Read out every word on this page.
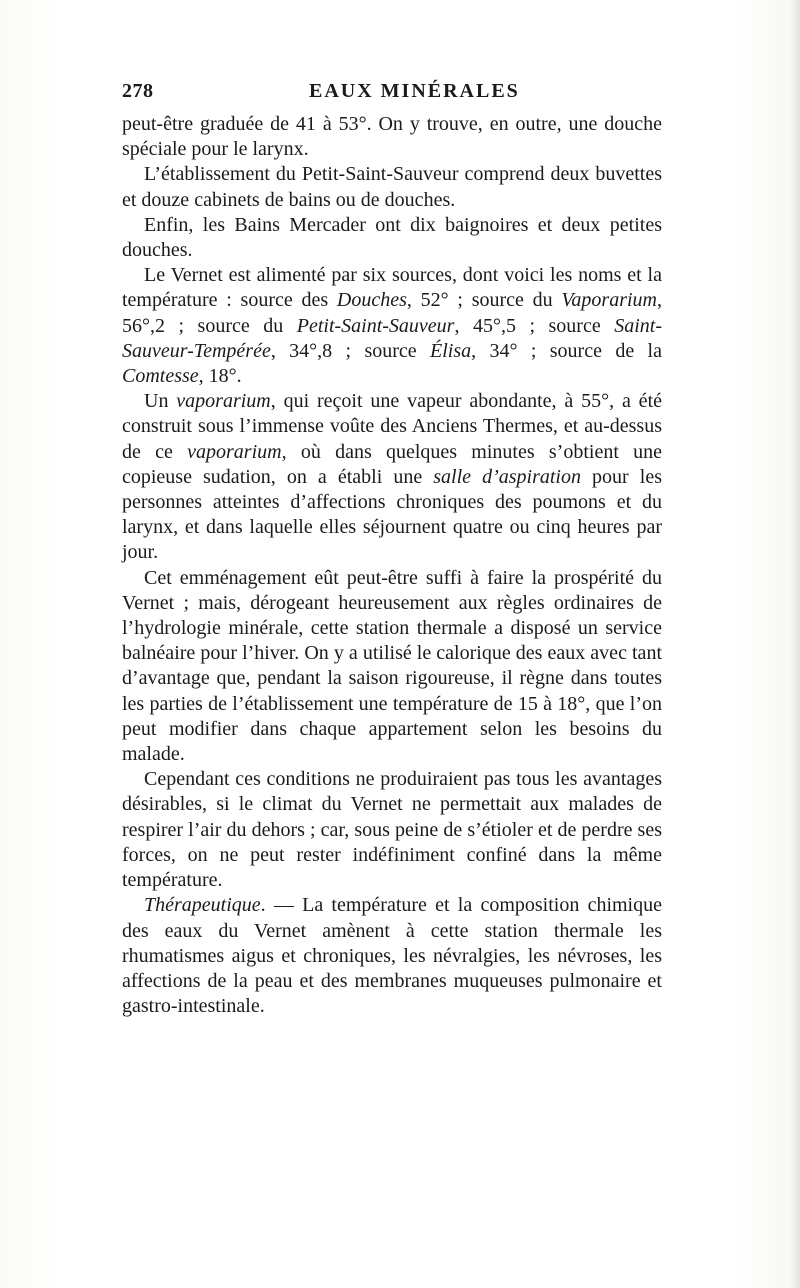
278	EAUX MINÉRALES

peut-être graduée de 41 à 53°. On y trouve, en outre, une douche spéciale pour le larynx.

L’établissement du Petit-Saint-Sauveur comprend deux buvettes et douze cabinets de bains ou de douches.

Enfin, les Bains Mercader ont dix baignoires et deux petites douches.

Le Vernet est alimenté par six sources, dont voici les noms et la température : source des Douches, 52° ; source du Vaporarium, 56°,2 ; source du Petit-Saint-Sauveur, 45°,5 ; source Saint-Sauveur-Tempérée, 34°,8 ; source Élisa, 34° ; source de la Comtesse, 18°.

Un vaporarium, qui reçoit une vapeur abondante, à 55°, a été construit sous l’immense voûte des Anciens Thermes, et au-dessus de ce vaporarium, où dans quelques minutes s’obtient une copieuse sudation, on a établi une salle d’aspiration pour les personnes atteintes d’affections chroniques des poumons et du larynx, et dans laquelle elles séjournent quatre ou cinq heures par jour.

Cet emménagement eût peut-être suffi à faire la prospérité du Vernet ; mais, dérogeant heureusement aux règles ordinaires de l’hydrologie minérale, cette station thermale a disposé un service balnéaire pour l’hiver. On y a utilisé le calorique des eaux avec tant d’avantage que, pendant la saison rigoureuse, il règne dans toutes les parties de l’établissement une température de 15 à 18°, que l’on peut modifier dans chaque appartement selon les besoins du malade.

Cependant ces conditions ne produiraient pas tous les avantages désirables, si le climat du Vernet ne permettait aux malades de respirer l’air du dehors ; car, sous peine de s’étioler et de perdre ses forces, on ne peut rester indéfiniment confiné dans la même température.

Thérapeutique. — La température et la composition chimique des eaux du Vernet amènent à cette station thermale les rhumatismes aigus et chroniques, les névralgies, les névroses, les affections de la peau et des membranes muqueuses pulmonaire et gastro-intestinale.
